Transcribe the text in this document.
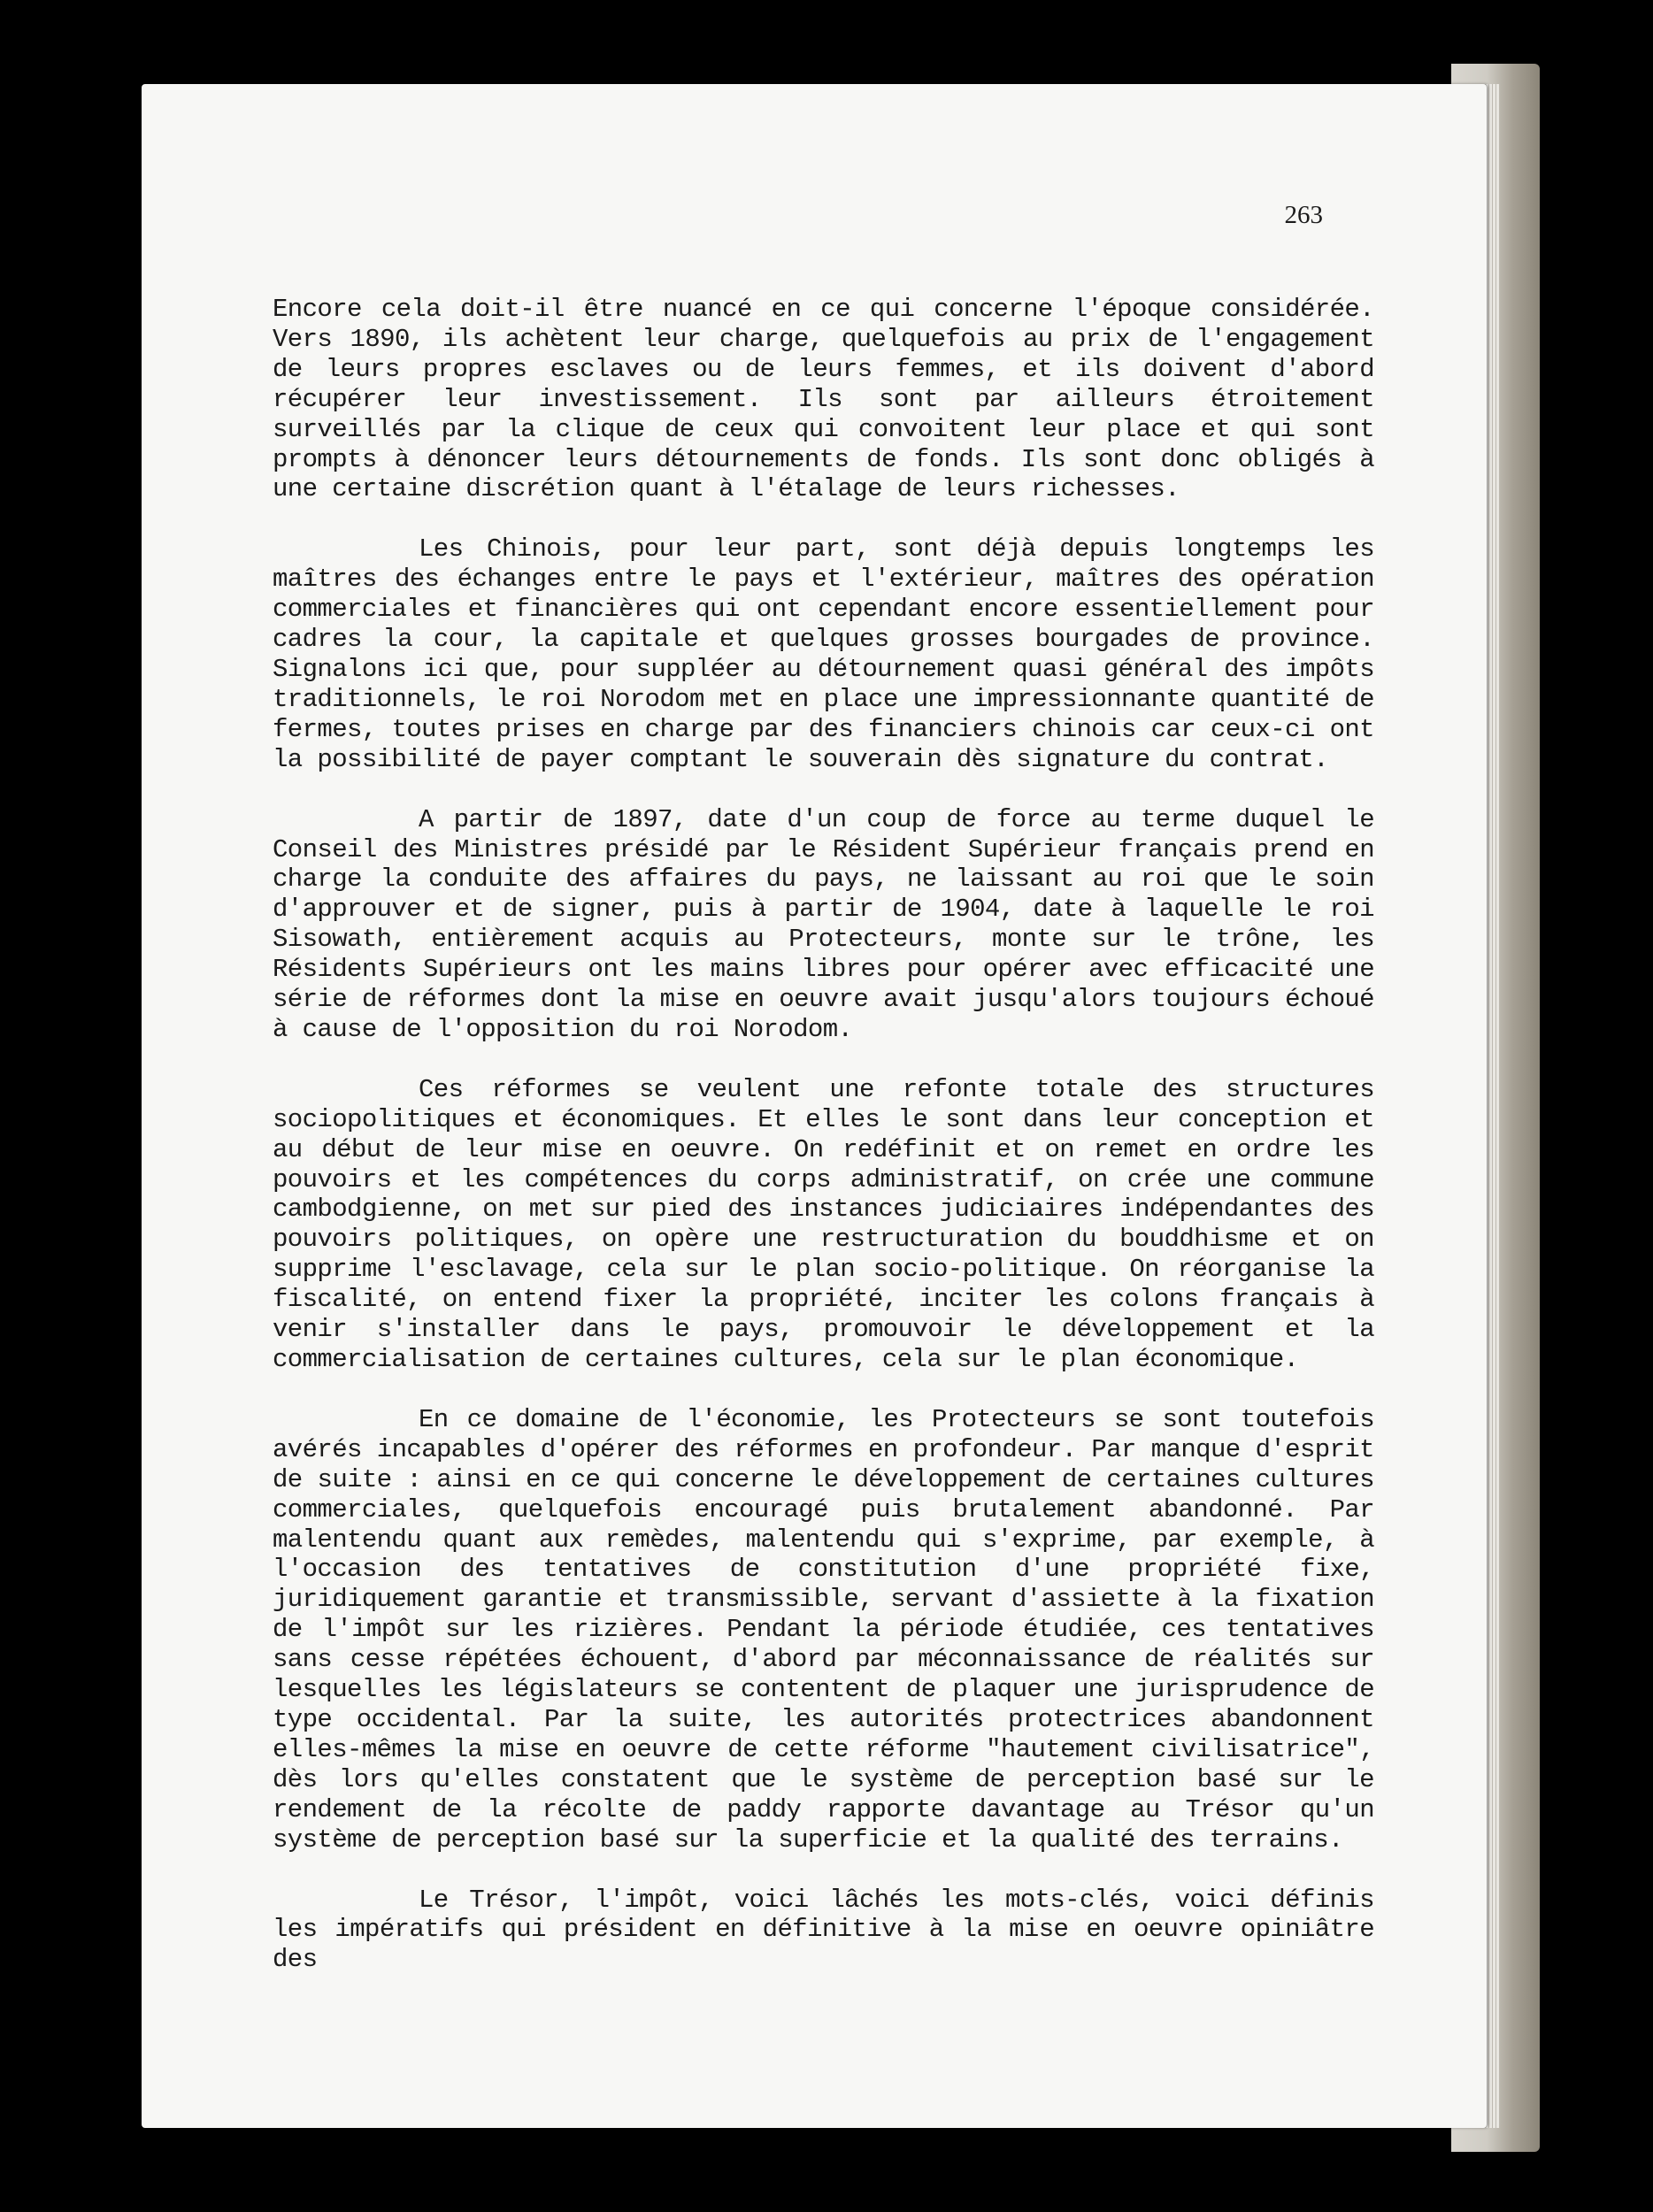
263

Encore cela doit-il être nuancé en ce qui concerne l'époque considérée. Vers 1890, ils achètent leur charge, quelquefois au prix de l'engagement de leurs propres esclaves ou de leurs femmes, et ils doivent d'abord récupérer leur investissement. Ils sont par ailleurs étroitement surveillés par la clique de ceux qui convoitent leur place et qui sont prompts à dénoncer leurs détournements de fonds. Ils sont donc obligés à une certaine discrétion quant à l'étalage de leurs richesses.

Les Chinois, pour leur part, sont déjà depuis longtemps les maîtres des échanges entre le pays et l'extérieur, maîtres des opération commerciales et financières qui ont cependant encore essentiellement pour cadres la cour, la capitale et quelques grosses bourgades de province. Signalons ici que, pour suppléer au détournement quasi général des impôts traditionnels, le roi Norodom met en place une impressionnante quantité de fermes, toutes prises en charge par des financiers chinois car ceux-ci ont la possibilité de payer comptant le souverain dès signature du contrat.

A partir de 1897, date d'un coup de force au terme duquel le Conseil des Ministres présidé par le Résident Supérieur français prend en charge la conduite des affaires du pays, ne laissant au roi que le soin d'approuver et de signer, puis à partir de 1904, date à laquelle le roi Sisowath, entièrement acquis au Protecteurs, monte sur le trône, les Résidents Supérieurs ont les mains libres pour opérer avec efficacité une série de réformes dont la mise en oeuvre avait jusqu'alors toujours échoué à cause de l'opposition du roi Norodom.

Ces réformes se veulent une refonte totale des structures sociopolitiques et économiques. Et elles le sont dans leur conception et au début de leur mise en oeuvre. On redéfinit et on remet en ordre les pouvoirs et les compétences du corps administratif, on crée une commune cambodgienne, on met sur pied des instances judiciaires indépendantes des pouvoirs politiques, on opère une restructuration du bouddhisme et on supprime l'esclavage, cela sur le plan socio-politique. On réorganise la fiscalité, on entend fixer la propriété, inciter les colons français à venir s'installer dans le pays, promouvoir le développement et la commercialisation de certaines cultures, cela sur le plan économique.

En ce domaine de l'économie, les Protecteurs se sont toutefois avérés incapables d'opérer des réformes en profondeur. Par manque d'esprit de suite : ainsi en ce qui concerne le développement de certaines cultures commerciales, quelquefois encouragé puis brutalement abandonné. Par malentendu quant aux remèdes, malentendu qui s'exprime, par exemple, à l'occasion des tentatives de constitution d'une propriété fixe, juridiquement garantie et transmissible, servant d'assiette à la fixation de l'impôt sur les rizières. Pendant la période étudiée, ces tentatives sans cesse répétées échouent, d'abord par méconnaissance de réalités sur lesquelles les législateurs se contentent de plaquer une jurisprudence de type occidental. Par la suite, les autorités protectrices abandonnent elles-mêmes la mise en oeuvre de cette réforme "hautement civilisatrice", dès lors qu'elles constatent que le système de perception basé sur le rendement de la récolte de paddy rapporte davantage au Trésor qu'un système de perception basé sur la superficie et la qualité des terrains.

Le Trésor, l'impôt, voici lâchés les mots-clés, voici définis les impératifs qui président en définitive à la mise en oeuvre opiniâtre des
